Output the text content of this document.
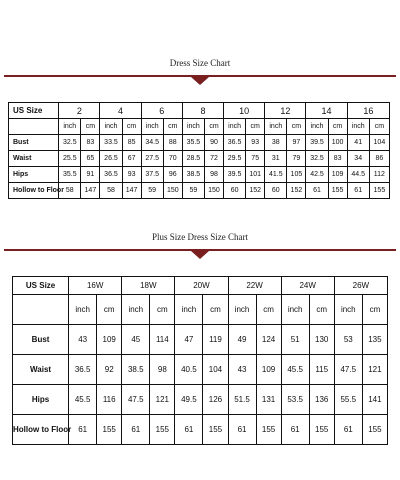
Dress Size Chart
US Size	2		4		6		8		10		12		14		16	
	inch	cm	inch	cm	inch	cm	inch	cm	inch	cm	inch	cm	inch	cm	inch	cm
Bust	32.5	83	33.5	85	34.5	88	35.5	90	36.5	93	38	97	39.5	100	41	104
Waist	25.5	65	26.5	67	27.5	70	28.5	72	29.5	75	31	79	32.5	83	34	86
Hips	35.5	91	36.5	93	37.5	96	38.5	98	39.5	101	41.5	105	42.5	109	44.5	112
Hollow to Floor	58	147	58	147	59	150	59	150	60	152	60	152	61	155	61	155
Plus Size Dress Size Chart
US Size	16W		18W		20W		22W		24W		26W	
	inch	cm	inch	cm	inch	cm	inch	cm	inch	cm	inch	cm
Bust	43	109	45	114	47	119	49	124	51	130	53	135
Waist	36.5	92	38.5	98	40.5	104	43	109	45.5	115	47.5	121
Hips	45.5	116	47.5	121	49.5	126	51.5	131	53.5	136	55.5	141
Hollow to Floor	61	155	61	155	61	155	61	155	61	155	61	155
